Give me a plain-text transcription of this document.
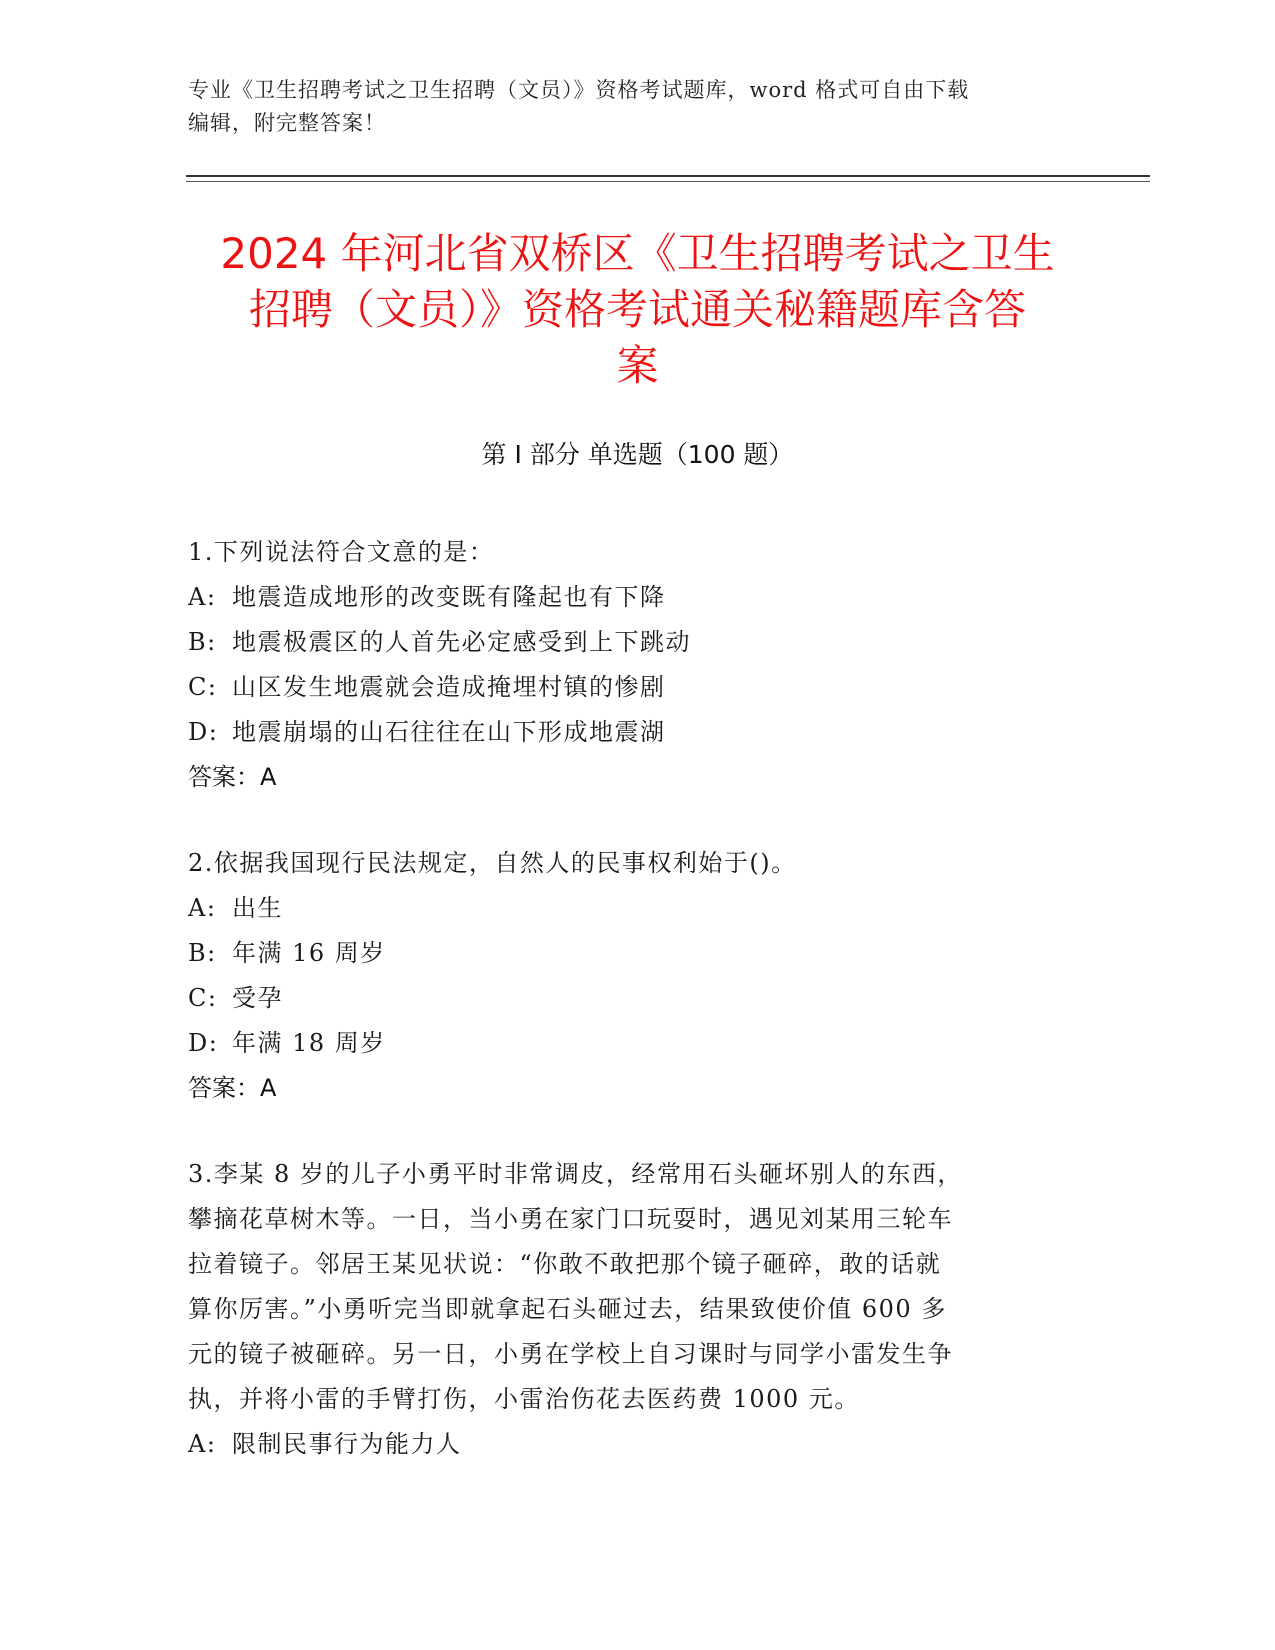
专业《卫生招聘考试之卫生招聘（文员）》资格考试题库，word 格式可自由下载
编辑，附完整答案！
2024 年河北省双桥区《卫生招聘考试之卫生
招聘（文员）》资格考试通关秘籍题库含答
案
第 I 部分 单选题（100 题）
1.下列说法符合文意的是：
A: 地震造成地形的改变既有隆起也有下降
B: 地震极震区的人首先必定感受到上下跳动
C: 山区发生地震就会造成掩埋村镇的惨剧
D: 地震崩塌的山石往往在山下形成地震湖
答案：A
2.依据我国现行民法规定，自然人的民事权利始于()。
A: 出生
B: 年满 16 周岁
C: 受孕
D: 年满 18 周岁
答案：A
3.李某 8 岁的儿子小勇平时非常调皮，经常用石头砸坏别人的东西，
攀摘花草树木等。一日，当小勇在家门口玩耍时，遇见刘某用三轮车
拉着镜子。邻居王某见状说：“你敢不敢把那个镜子砸碎，敢的话就
算你厉害。”小勇听完当即就拿起石头砸过去，结果致使价值 600 多
元的镜子被砸碎。另一日，小勇在学校上自习课时与同学小雷发生争
执，并将小雷的手臂打伤，小雷治伤花去医药费 1000 元。
A: 限制民事行为能力人
